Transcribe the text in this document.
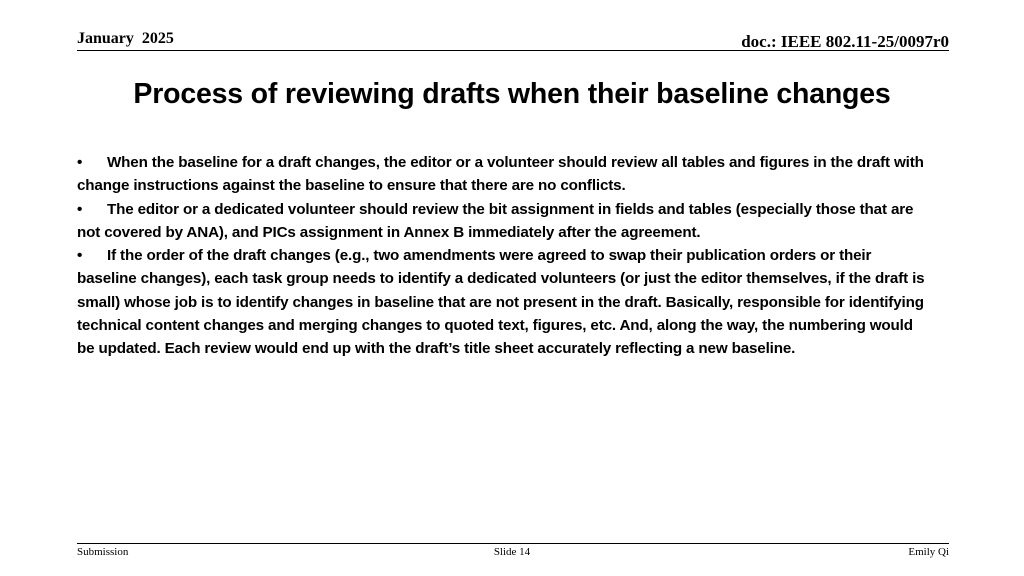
January  2025	doc.: IEEE 802.11-25/0097r0
Process of reviewing drafts when their baseline changes

• When the baseline for a draft changes, the editor or a volunteer should review all tables and figures in the draft with change instructions against the baseline to ensure that there are no conflicts.

• The editor or a dedicated volunteer should review the bit assignment in fields and tables (especially those that are not covered by ANA), and PICs assignment in Annex B immediately after the agreement.

• If the order of the draft changes (e.g., two amendments were agreed to swap their publication orders or their baseline changes), each task group needs to identify a dedicated volunteers (or just the editor themselves, if the draft is small) whose job is to identify changes in baseline that are not present in the draft. Basically, responsible for identifying technical content changes and merging changes to quoted text, figures, etc. And, along the way, the numbering would be updated. Each review would end up with the draft’s title sheet accurately reflecting a new baseline.

Submission	Slide 14	Emily Qi
